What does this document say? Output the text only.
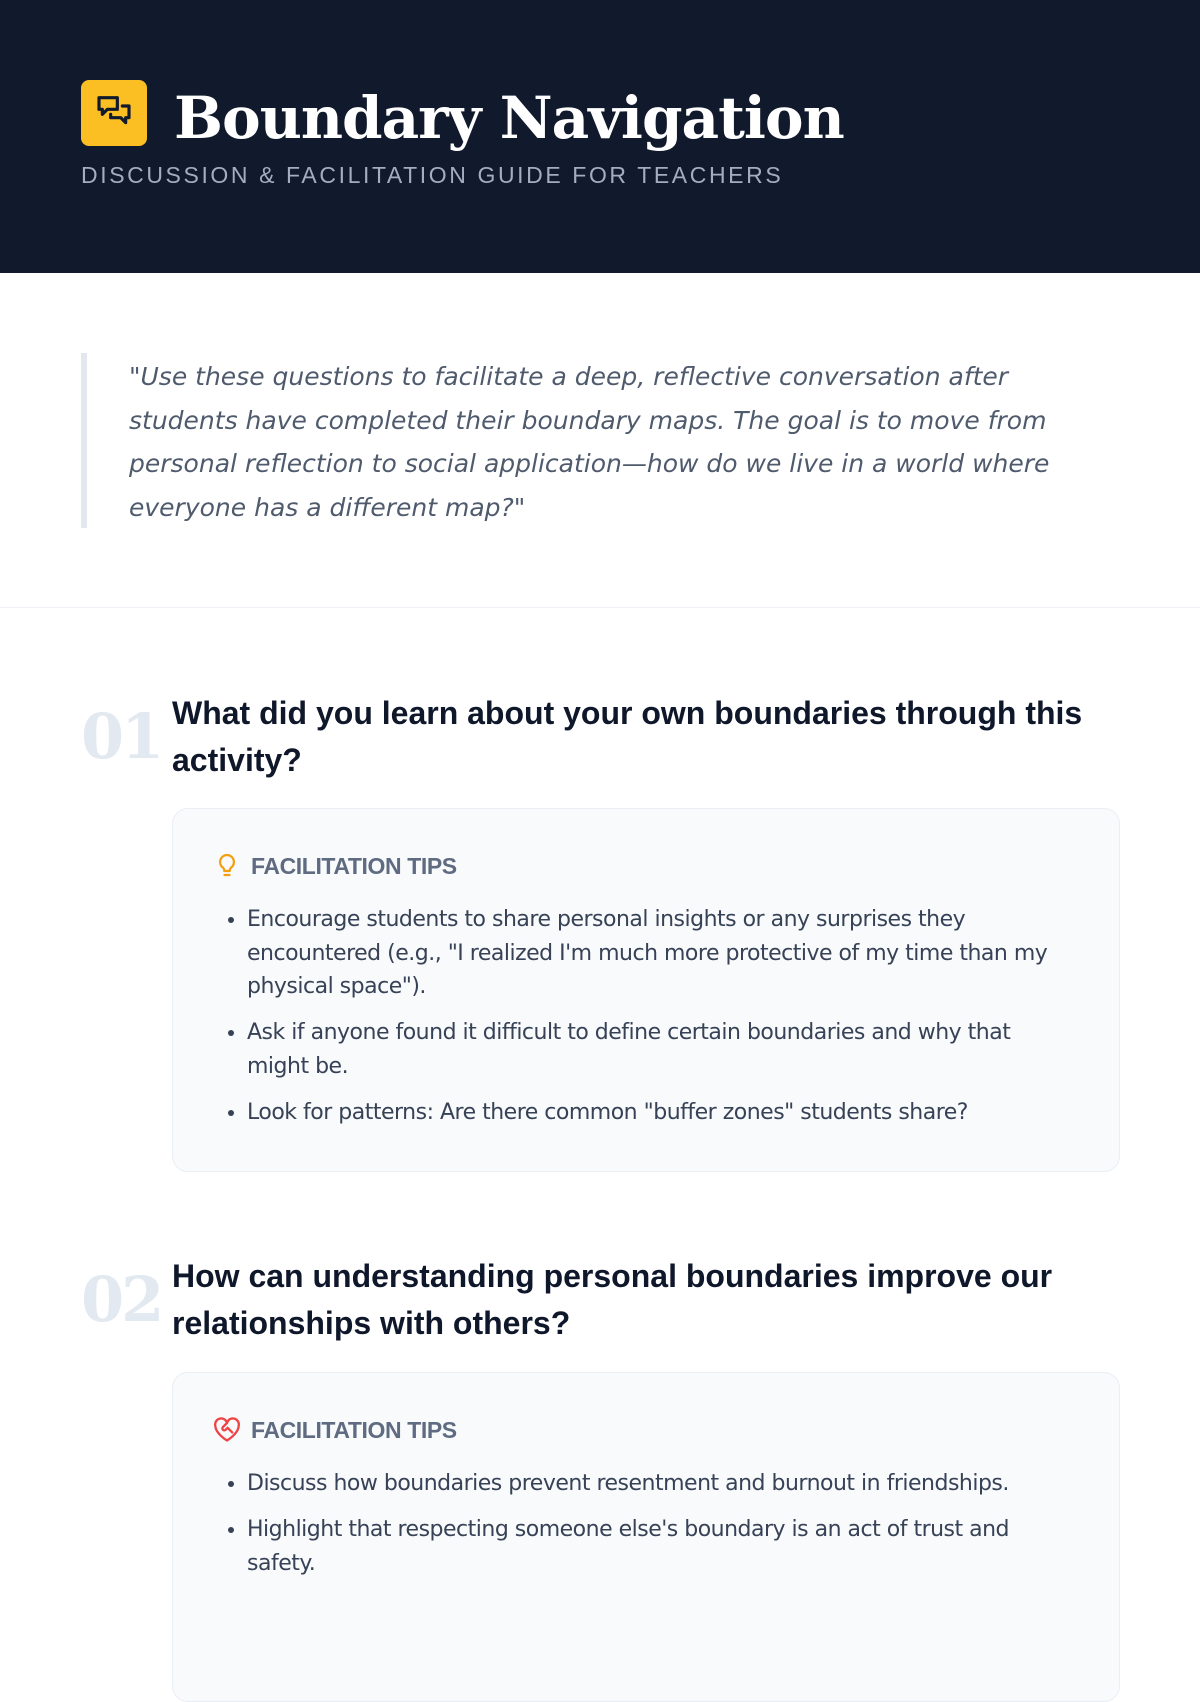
Boundary Navigation

DISCUSSION & FACILITATION GUIDE FOR TEACHERS

"Use these questions to facilitate a deep, reflective conversation after students have completed their boundary maps. The goal is to move from personal reflection to social application—how do we live in a world where everyone has a different map?"

01 What did you learn about your own boundaries through this activity?
FACILITATION TIPS
• Encourage students to share personal insights or any surprises they encountered (e.g., "I realized I'm much more protective of my time than my physical space").
• Ask if anyone found it difficult to define certain boundaries and why that might be.
• Look for patterns: Are there common "buffer zones" students share?
02 How can understanding personal boundaries improve our relationships with others?
FACILITATION TIPS
• Discuss how boundaries prevent resentment and burnout in friendships.
• Highlight that respecting someone else's boundary is an act of trust and safety.
